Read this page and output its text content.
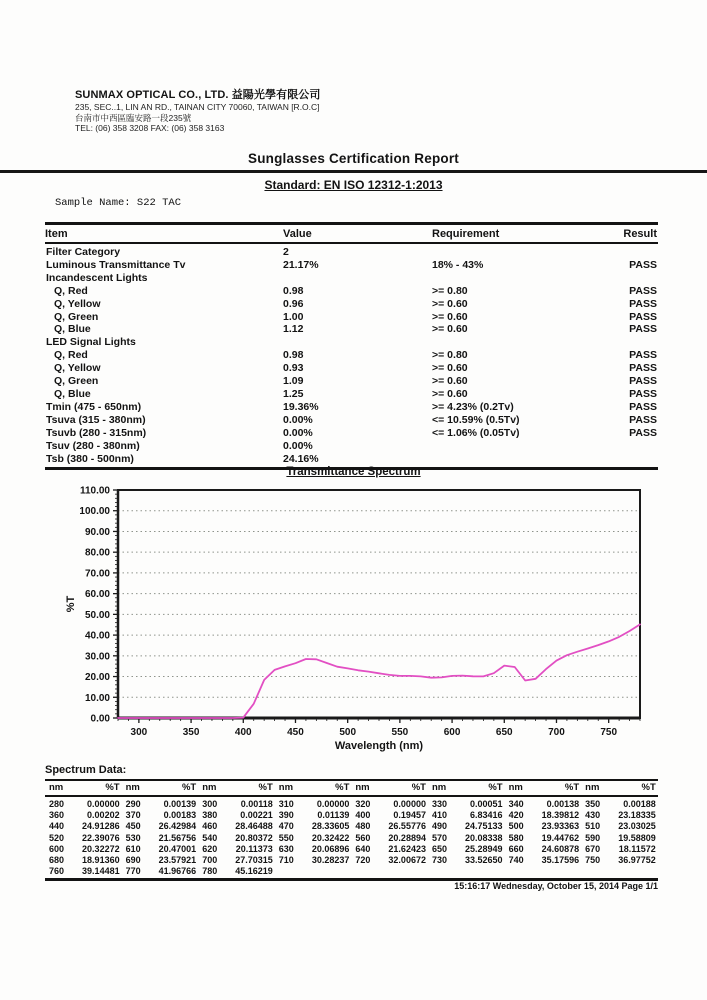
SUNMAX OPTICAL CO., LTD. 益陽光學有限公司
235, SEC..1, LIN AN RD., TAINAN CITY 70060, TAIWAN [R.O.C]
台南市中西區臨安路一段235號
TEL: (06) 358 3208 FAX: (06) 358 3163
Sunglasses Certification Report
Standard: EN ISO 12312-1:2013
Sample Name: S22 TAC
Item	Value	Requirement	Result
Filter Category	2
Luminous Transmittance Tv	21.17%	18% - 43%	PASS
Incandescent Lights
Q, Red	0.98	>= 0.80	PASS
Q, Yellow	0.96	>= 0.60	PASS
Q, Green	1.00	>= 0.60	PASS
Q, Blue	1.12	>= 0.60	PASS
LED Signal Lights
Q, Red	0.98	>= 0.80	PASS
Q, Yellow	0.93	>= 0.60	PASS
Q, Green	1.09	>= 0.60	PASS
Q, Blue	1.25	>= 0.60	PASS
Tmin (475 - 650nm)	19.36%	>= 4.23% (0.2Tv)	PASS
Tsuva (315 - 380nm)	0.00%	<= 10.59% (0.5Tv)	PASS
Tsuvb (280 - 315nm)	0.00%	<= 1.06% (0.05Tv)	PASS
Tsuv (280 - 380nm)	0.00%
Tsb (380 - 500nm)	24.16%
Transmittance Spectrum
0.00
10.00
20.00
30.00
40.00
50.00
60.00
70.00
80.00
90.00
100.00
110.00
300	350	400	450	500	550	600	650	700	750
%T
Wavelength (nm)
Spectrum Data:
nm	%T nm	%T nm	%T nm	%T nm	%T nm	%T nm	%T nm	%T
280	0.00000 290	0.00139 300	0.00118 310	0.00000 320	0.00000 330	0.00051 340	0.00138 350	0.00188
360	0.00202 370	0.00183 380	0.00221 390	0.01139 400	0.19457 410	6.83416 420	18.39812 430	23.18335
440	24.91286 450	26.42984 460	28.46488 470	28.33605 480	26.55776 490	24.75133 500	23.93363 510	23.03025
520	22.39076 530	21.56756 540	20.80372 550	20.32422 560	20.28894 570	20.08338 580	19.44762 590	19.58809
600	20.32272 610	20.47001 620	20.11373 630	20.06896 640	21.62423 650	25.28949 660	24.60878 670	18.11572
680	18.91360 690	23.57921 700	27.70315 710	30.28237 720	32.00672 730	33.52650 740	35.17596 750	36.97752
760	39.14481 770	41.96766 780	45.16219
15:16:17 Wednesday, October 15, 2014 Page 1/1
